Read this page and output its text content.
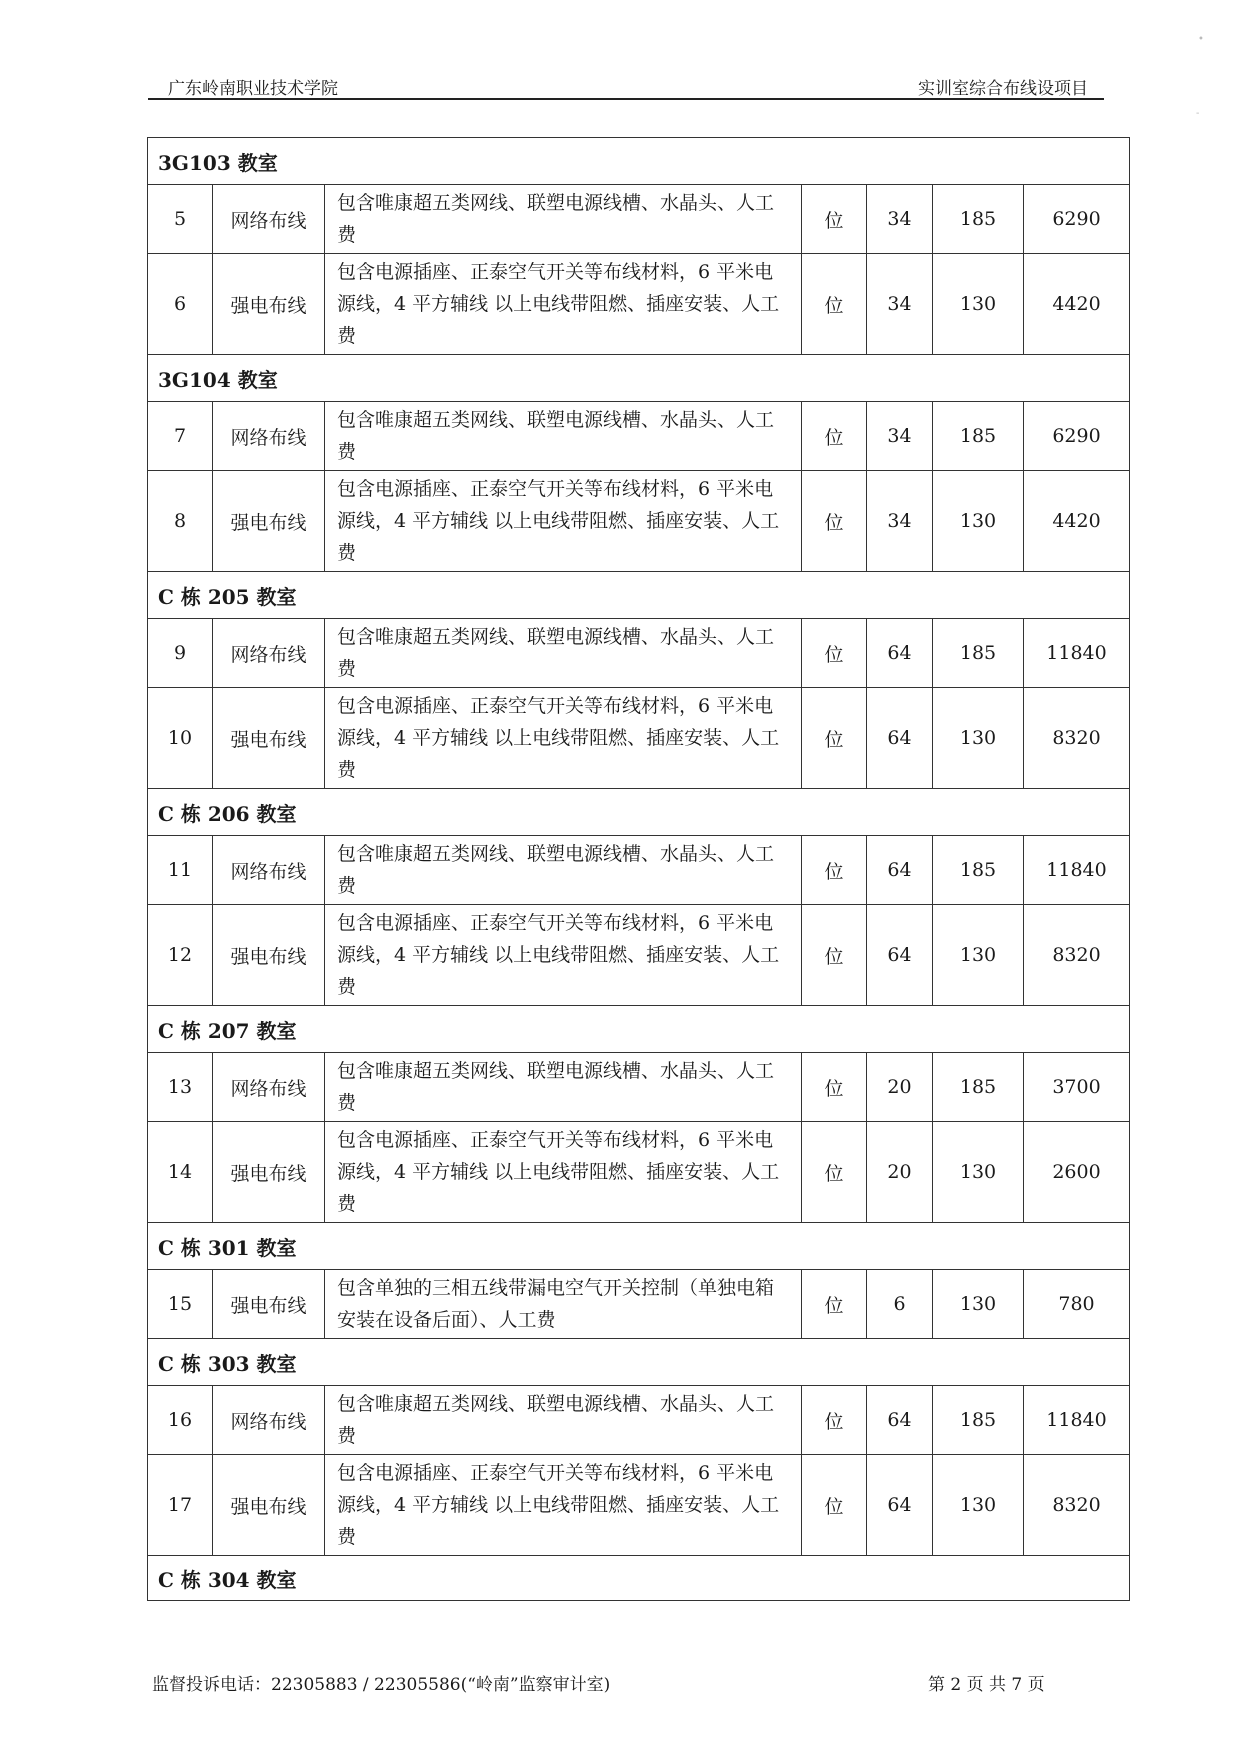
•
-
广东岭南职业技术学院	实训室综合布线设项目
3G103 教室						
5	网络布线	包含唯康超五类网线、联塑电源线槽、水晶头、人工费	位	34	185	6290
6	强电布线	包含电源插座、正泰空气开关等布线材料，6 平米电源线，4 平方辅线 以上电线带阻燃、插座安装、人工费	位	34	130	4420
3G104 教室						
7	网络布线	包含唯康超五类网线、联塑电源线槽、水晶头、人工费	位	34	185	6290
8	强电布线	包含电源插座、正泰空气开关等布线材料，6 平米电源线，4 平方辅线 以上电线带阻燃、插座安装、人工费	位	34	130	4420
C 栋 205 教室						
9	网络布线	包含唯康超五类网线、联塑电源线槽、水晶头、人工费	位	64	185	11840
10	强电布线	包含电源插座、正泰空气开关等布线材料，6 平米电源线，4 平方辅线 以上电线带阻燃、插座安装、人工费	位	64	130	8320
C 栋 206 教室						
11	网络布线	包含唯康超五类网线、联塑电源线槽、水晶头、人工费	位	64	185	11840
12	强电布线	包含电源插座、正泰空气开关等布线材料，6 平米电源线，4 平方辅线 以上电线带阻燃、插座安装、人工费	位	64	130	8320
C 栋 207 教室						
13	网络布线	包含唯康超五类网线、联塑电源线槽、水晶头、人工费	位	20	185	3700
14	强电布线	包含电源插座、正泰空气开关等布线材料，6 平米电源线，4 平方辅线 以上电线带阻燃、插座安装、人工费	位	20	130	2600
C 栋 301 教室						
15	强电布线	包含单独的三相五线带漏电空气开关控制（单独电箱安装在设备后面）、人工费	位	6	130	780
C 栋 303 教室						
16	网络布线	包含唯康超五类网线、联塑电源线槽、水晶头、人工费	位	64	185	11840
17	强电布线	包含电源插座、正泰空气开关等布线材料，6 平米电源线，4 平方辅线 以上电线带阻燃、插座安装、人工费	位	64	130	8320
C 栋 304 教室						
监督投诉电话：22305883 / 22305586(“岭南”监察审计室)	第 2 页 共 7 页
